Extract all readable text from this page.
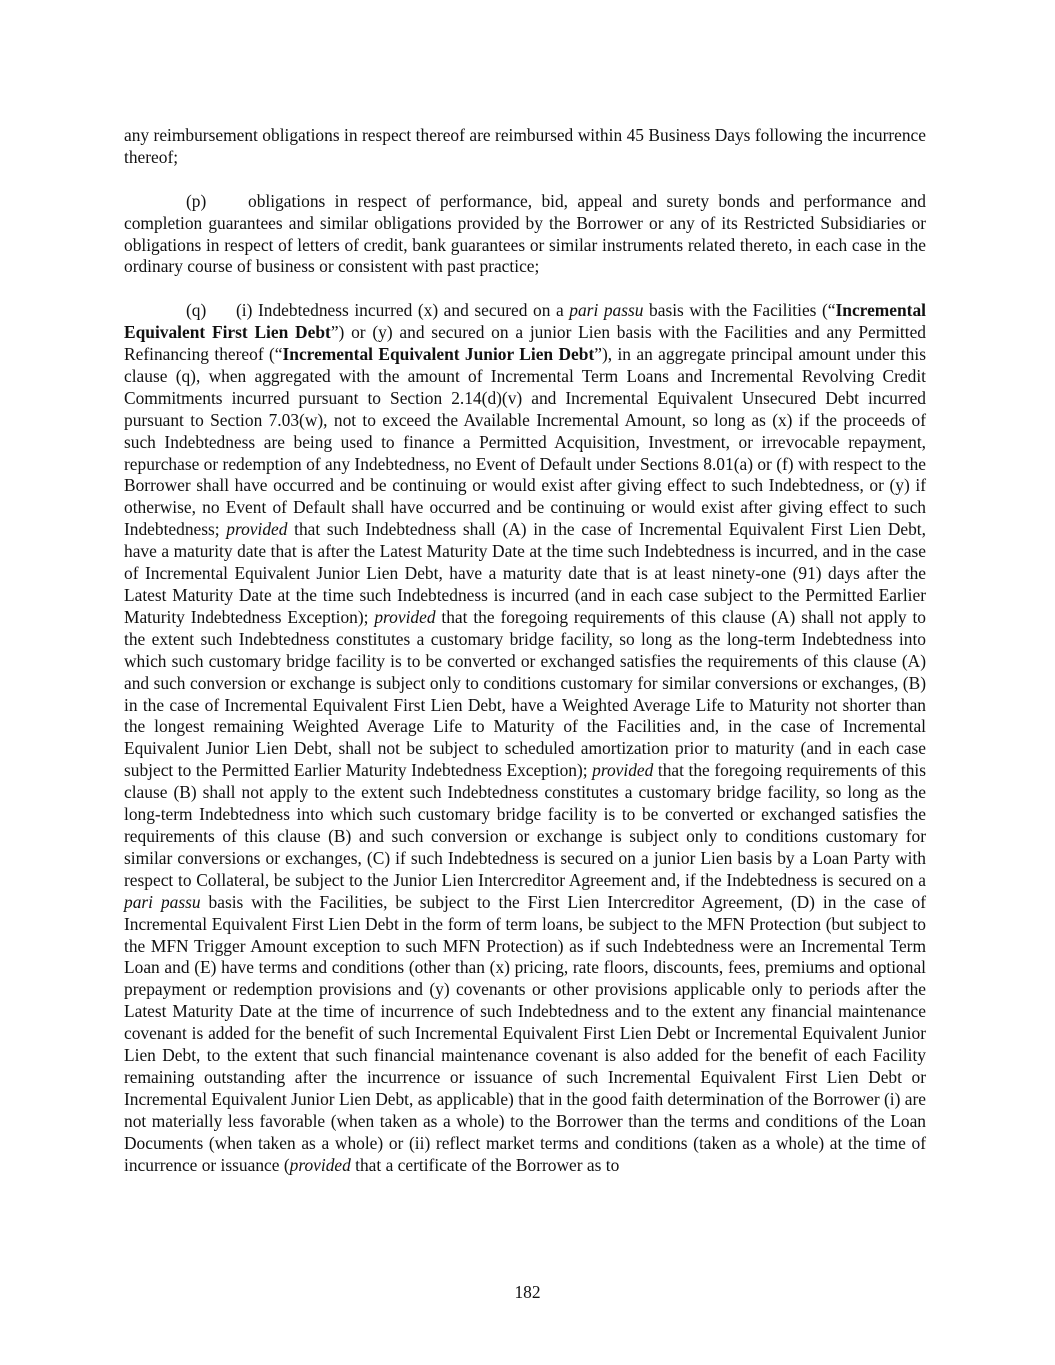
any reimbursement obligations in respect thereof are reimbursed within 45 Business Days following the incurrence thereof;

(p) obligations in respect of performance, bid, appeal and surety bonds and performance and completion guarantees and similar obligations provided by the Borrower or any of its Restricted Subsidiaries or obligations in respect of letters of credit, bank guarantees or similar instruments related thereto, in each case in the ordinary course of business or consistent with past practice;

(q) (i) Indebtedness incurred (x) and secured on a pari passu basis with the Facilities (“Incremental Equivalent First Lien Debt”) or (y) and secured on a junior Lien basis with the Facilities and any Permitted Refinancing thereof (“Incremental Equivalent Junior Lien Debt”), in an aggregate principal amount under this clause (q), when aggregated with the amount of Incremental Term Loans and Incremental Revolving Credit Commitments incurred pursuant to Section 2.14(d)(v) and Incremental Equivalent Unsecured Debt incurred pursuant to Section 7.03(w), not to exceed the Available Incremental Amount, so long as (x) if the proceeds of such Indebtedness are being used to finance a Permitted Acquisition, Investment, or irrevocable repayment, repurchase or redemption of any Indebtedness, no Event of Default under Sections 8.01(a) or (f) with respect to the Borrower shall have occurred and be continuing or would exist after giving effect to such Indebtedness, or (y) if otherwise, no Event of Default shall have occurred and be continuing or would exist after giving effect to such Indebtedness; provided that such Indebtedness shall (A) in the case of Incremental Equivalent First Lien Debt, have a maturity date that is after the Latest Maturity Date at the time such Indebtedness is incurred, and in the case of Incremental Equivalent Junior Lien Debt, have a maturity date that is at least ninety-one (91) days after the Latest Maturity Date at the time such Indebtedness is incurred (and in each case subject to the Permitted Earlier Maturity Indebtedness Exception); provided that the foregoing requirements of this clause (A) shall not apply to the extent such Indebtedness constitutes a customary bridge facility, so long as the long-term Indebtedness into which such customary bridge facility is to be converted or exchanged satisfies the requirements of this clause (A) and such conversion or exchange is subject only to conditions customary for similar conversions or exchanges, (B) in the case of Incremental Equivalent First Lien Debt, have a Weighted Average Life to Maturity not shorter than the longest remaining Weighted Average Life to Maturity of the Facilities and, in the case of Incremental Equivalent Junior Lien Debt, shall not be subject to scheduled amortization prior to maturity (and in each case subject to the Permitted Earlier Maturity Indebtedness Exception); provided that the foregoing requirements of this clause (B) shall not apply to the extent such Indebtedness constitutes a customary bridge facility, so long as the long-term Indebtedness into which such customary bridge facility is to be converted or exchanged satisfies the requirements of this clause (B) and such conversion or exchange is subject only to conditions customary for similar conversions or exchanges, (C) if such Indebtedness is secured on a junior Lien basis by a Loan Party with respect to Collateral, be subject to the Junior Lien Intercreditor Agreement and, if the Indebtedness is secured on a pari passu basis with the Facilities, be subject to the First Lien Intercreditor Agreement, (D) in the case of Incremental Equivalent First Lien Debt in the form of term loans, be subject to the MFN Protection (but subject to the MFN Trigger Amount exception to such MFN Protection) as if such Indebtedness were an Incremental Term Loan and (E) have terms and conditions (other than (x) pricing, rate floors, discounts, fees, premiums and optional prepayment or redemption provisions and (y) covenants or other provisions applicable only to periods after the Latest Maturity Date at the time of incurrence of such Indebtedness and to the extent any financial maintenance covenant is added for the benefit of such Incremental Equivalent First Lien Debt or Incremental Equivalent Junior Lien Debt, to the extent that such financial maintenance covenant is also added for the benefit of each Facility remaining outstanding after the incurrence or issuance of such Incremental Equivalent First Lien Debt or Incremental Equivalent Junior Lien Debt, as applicable) that in the good faith determination of the Borrower (i) are not materially less favorable (when taken as a whole) to the Borrower than the terms and conditions of the Loan Documents (when taken as a whole) or (ii) reflect market terms and conditions (taken as a whole) at the time of incurrence or issuance (provided that a certificate of the Borrower as to

182
